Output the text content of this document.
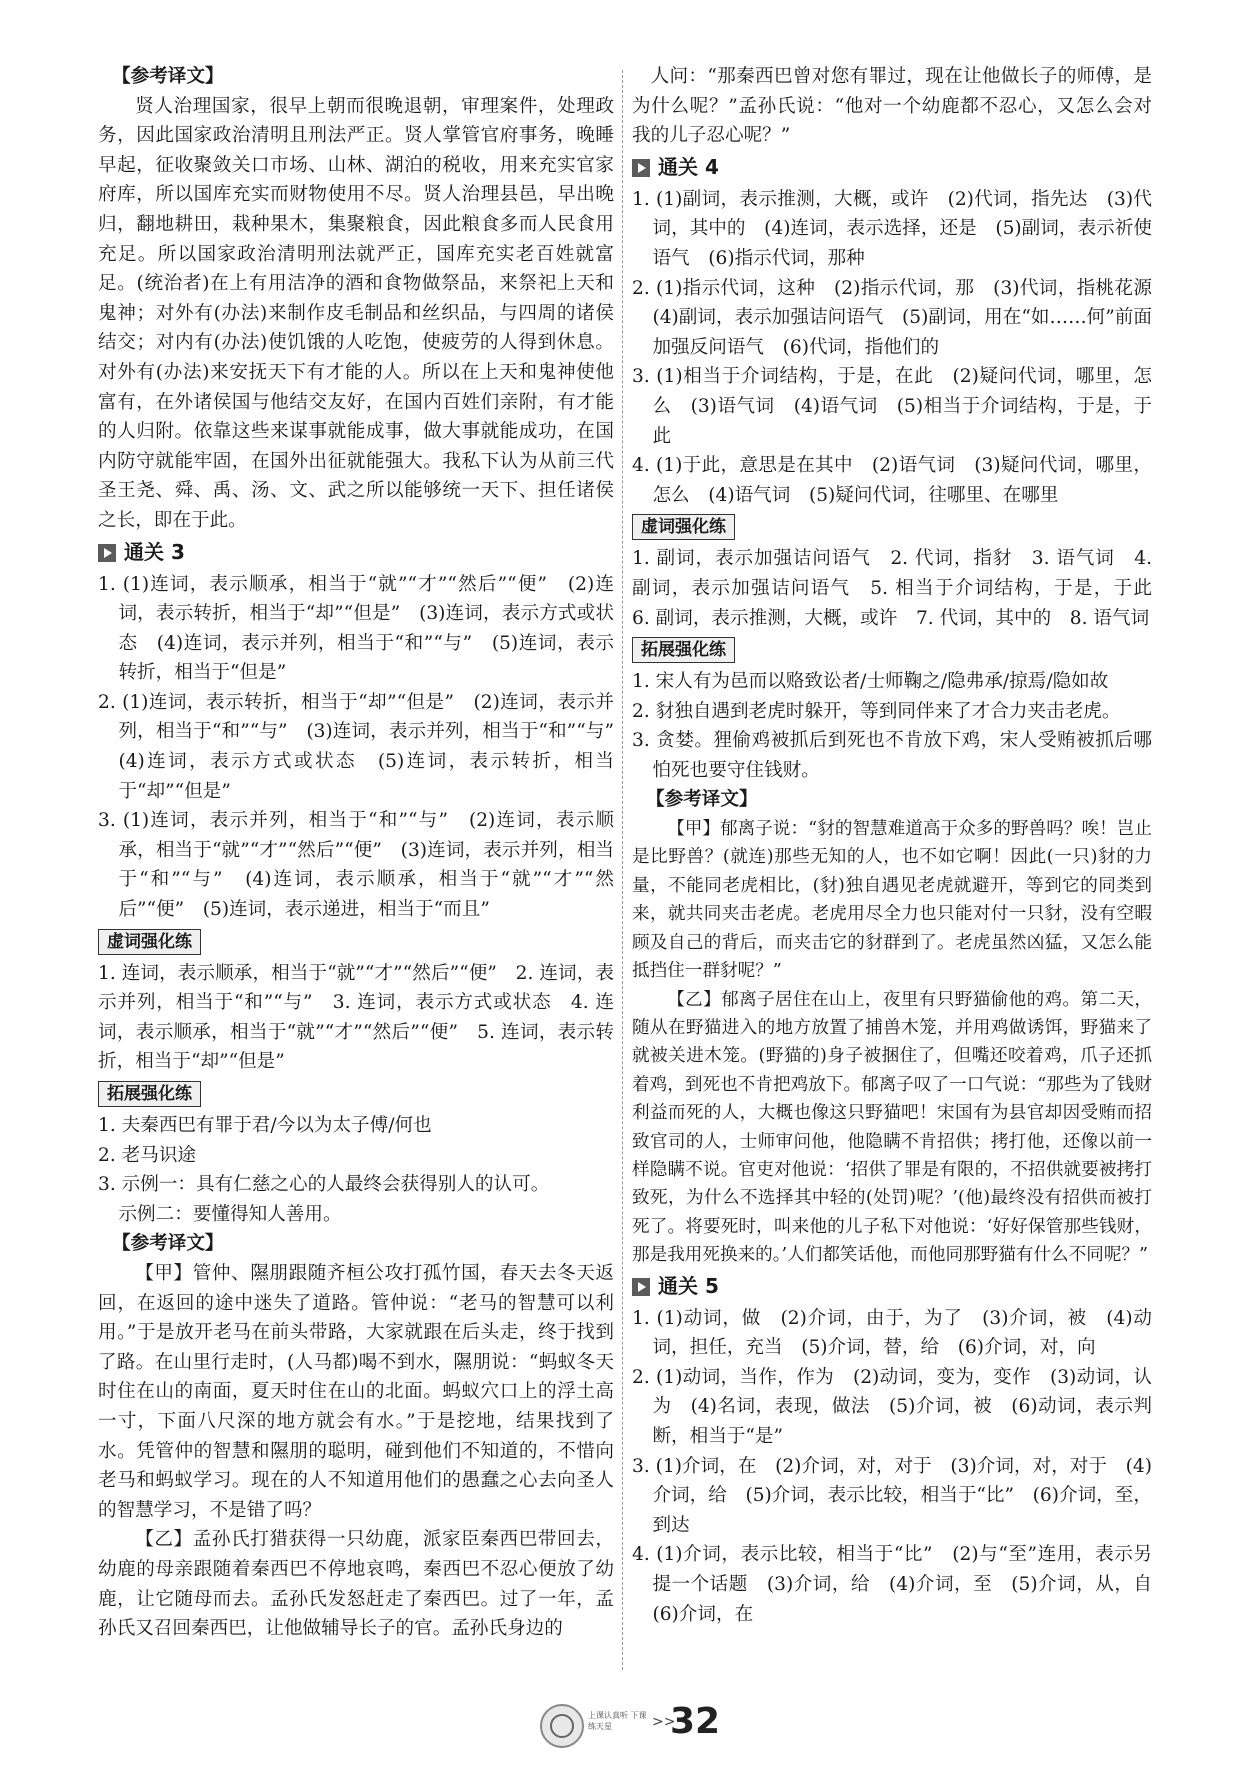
【参考译文】

贤人治理国家，很早上朝而很晚退朝，审理案件，处理政务，因此国家政治清明且刑法严正。贤人掌管官府事务，晚睡早起，征收聚敛关口市场、山林、湖泊的税收，用来充实官家府库，所以国库充实而财物使用不尽。贤人治理县邑，早出晚归，翻地耕田，栽种果木，集聚粮食，因此粮食多而人民食用充足。所以国家政治清明刑法就严正，国库充实老百姓就富足。(统治者)在上有用洁净的酒和食物做祭品，来祭祀上天和鬼神；对外有(办法)来制作皮毛制品和丝织品，与四周的诸侯结交；对内有(办法)使饥饿的人吃饱，使疲劳的人得到休息。对外有(办法)来安抚天下有才能的人。所以在上天和鬼神使他富有，在外诸侯国与他结交友好，在国内百姓们亲附，有才能的人归附。依靠这些来谋事就能成事，做大事就能成功，在国内防守就能牢固，在国外出征就能强大。我私下认为从前三代圣王尧、舜、禹、汤、文、武之所以能够统一天下、担任诸侯之长，即在于此。

通关 3

1. (1)连词，表示顺承，相当于“就”“才”“然后”“便”　(2)连词，表示转折，相当于“却”“但是”　(3)连词，表示方式或状态　(4)连词，表示并列，相当于“和”“与”　(5)连词，表示转折，相当于“但是”

2. (1)连词，表示转折，相当于“却”“但是”　(2)连词，表示并列，相当于“和”“与”　(3)连词，表示并列，相当于“和”“与”　(4)连词，表示方式或状态　(5)连词，表示转折，相当于“却”“但是”

3. (1)连词，表示并列，相当于“和”“与”　(2)连词，表示顺承，相当于“就”“才”“然后”“便”　(3)连词，表示并列，相当于“和”“与”　(4)连词，表示顺承，相当于“就”“才”“然后”“便”　(5)连词，表示递进，相当于“而且”

虚词强化练

1. 连词，表示顺承，相当于“就”“才”“然后”“便”　2. 连词，表示并列，相当于“和”“与”　3. 连词，表示方式或状态　4. 连词，表示顺承，相当于“就”“才”“然后”“便”　5. 连词，表示转折，相当于“却”“但是”

拓展强化练

1. 夫秦西巴有罪于君/今以为太子傅/何也

2. 老马识途

3. 示例一：具有仁慈之心的人最终会获得别人的认可。

示例二：要懂得知人善用。

【参考译文】

【甲】管仲、隰朋跟随齐桓公攻打孤竹国，春天去冬天返回，在返回的途中迷失了道路。管仲说：“老马的智慧可以利用。”于是放开老马在前头带路，大家就跟在后头走，终于找到了路。在山里行走时，(人马都)喝不到水，隰朋说：“蚂蚁冬天时住在山的南面，夏天时住在山的北面。蚂蚁穴口上的浮土高一寸，下面八尺深的地方就会有水。”于是挖地，结果找到了水。凭管仲的智慧和隰朋的聪明，碰到他们不知道的，不惜向老马和蚂蚁学习。现在的人不知道用他们的愚蠢之心去向圣人的智慧学习，不是错了吗？

【乙】孟孙氏打猎获得一只幼鹿，派家臣秦西巴带回去，幼鹿的母亲跟随着秦西巴不停地哀鸣，秦西巴不忍心便放了幼鹿，让它随母而去。孟孙氏发怒赶走了秦西巴。过了一年，孟孙氏又召回秦西巴，让他做辅导长子的官。孟孙氏身边的

人问：“那秦西巴曾对您有罪过，现在让他做长子的师傅，是为什么呢？”孟孙氏说：“他对一个幼鹿都不忍心，又怎么会对我的儿子忍心呢？”

通关 4

1. (1)副词，表示推测，大概，或许　(2)代词，指先达　(3)代词，其中的　(4)连词，表示选择，还是　(5)副词，表示祈使语气　(6)指示代词，那种

2. (1)指示代词，这种　(2)指示代词，那　(3)代词，指桃花源　(4)副词，表示加强诘问语气　(5)副词，用在“如……何”前面加强反问语气　(6)代词，指他们的

3. (1)相当于介词结构，于是，在此　(2)疑问代词，哪里，怎么　(3)语气词　(4)语气词　(5)相当于介词结构，于是，于此

4. (1)于此，意思是在其中　(2)语气词　(3)疑问代词，哪里，怎么　(4)语气词　(5)疑问代词，往哪里、在哪里

虚词强化练

1. 副词，表示加强诘问语气　2. 代词，指豺　3. 语气词　4. 副词，表示加强诘问语气　5. 相当于介词结构，于是，于此　6. 副词，表示推测，大概，或许　7. 代词，其中的　8. 语气词

拓展强化练

1. 宋人有为邑而以赂致讼者/士师鞠之/隐弗承/掠焉/隐如故

2. 豺独自遇到老虎时躲开，等到同伴来了才合力夹击老虎。

3. 贪婪。狸偷鸡被抓后到死也不肯放下鸡，宋人受贿被抓后哪怕死也要守住钱财。

【参考译文】

【甲】郁离子说：“豺的智慧难道高于众多的野兽吗？唉！岂止是比野兽？(就连)那些无知的人，也不如它啊！因此(一只)豺的力量，不能同老虎相比，(豺)独自遇见老虎就避开，等到它的同类到来，就共同夹击老虎。老虎用尽全力也只能对付一只豺，没有空暇顾及自己的背后，而夹击它的豺群到了。老虎虽然凶猛，又怎么能抵挡住一群豺呢？”

【乙】郁离子居住在山上，夜里有只野猫偷他的鸡。第二天，随从在野猫进入的地方放置了捕兽木笼，并用鸡做诱饵，野猫来了就被关进木笼。(野猫的)身子被捆住了，但嘴还咬着鸡，爪子还抓着鸡，到死也不肯把鸡放下。郁离子叹了一口气说：“那些为了钱财利益而死的人，大概也像这只野猫吧！宋国有为县官却因受贿而招致官司的人，士师审问他，他隐瞒不肯招供；拷打他，还像以前一样隐瞒不说。官吏对他说：‘招供了罪是有限的，不招供就要被拷打致死，为什么不选择其中轻的(处罚)呢？’(他)最终没有招供而被打死了。将要死时，叫来他的儿子私下对他说：‘好好保管那些钱财，那是我用死换来的。’人们都笑话他，而他同那野猫有什么不同呢？”

通关 5

1. (1)动词，做　(2)介词，由于，为了　(3)介词，被　(4)动词，担任，充当　(5)介词，替，给　(6)介词，对，向

2. (1)动词，当作，作为　(2)动词，变为，变作　(3)动词，认为　(4)名词，表现，做法　(5)介词，被　(6)动词，表示判断，相当于“是”

3. (1)介词，在　(2)介词，对，对于　(3)介词，对，对于　(4)介词，给　(5)介词，表示比较，相当于“比”　(6)介词，至，到达

4. (1)介词，表示比较，相当于“比”　(2)与“至”连用，表示另提一个话题　(3)介词，给　(4)介词，至　(5)介词，从，自　(6)介词，在

上课认真听 下课练天星	>>
32
